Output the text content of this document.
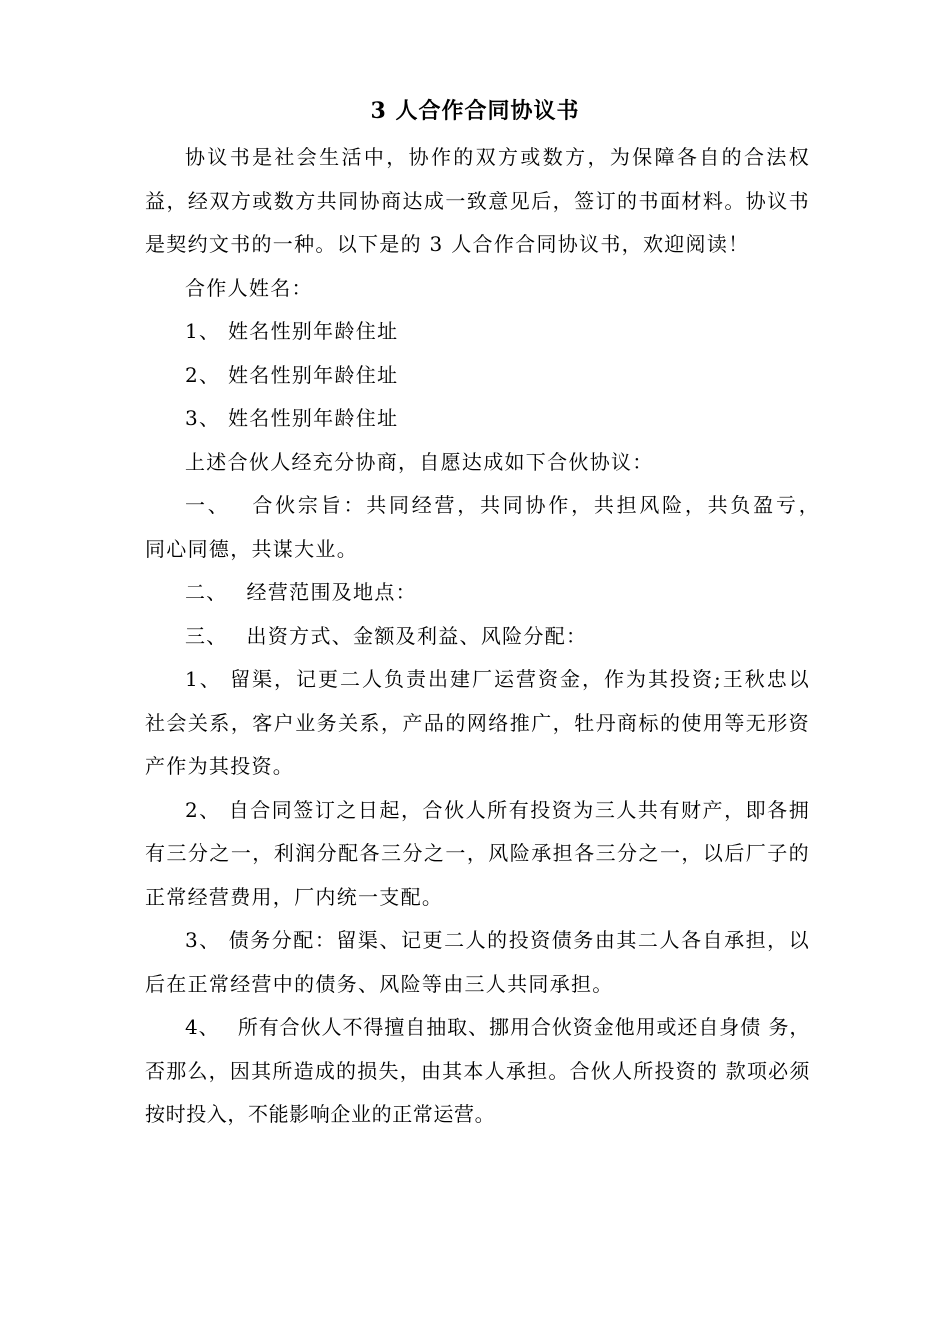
3 人合作合同协议书

协议书是社会生活中，协作的双方或数方，为保障各自的合法权益，经双方或数方共同协商达成一致意见后，签订的书面材料。协议书是契约文书的一种。以下是的 3 人合作合同协议书，欢迎阅读！

合作人姓名：

1、 姓名性别年龄住址

2、 姓名性别年龄住址

3、 姓名性别年龄住址

上述合伙人经充分协商，自愿达成如下合伙协议：

一、　 合伙宗旨：共同经营，共同协作，共担风险，共负盈亏，　同心同德，共谋大业。

二、　 经营范围及地点：

三、　 出资方式、金额及利益、风险分配：

1、 留渠，记更二人负责出建厂运营资金，作为其投资;王秋忠以社会关系，客户业务关系，产品的网络推广，牡丹商标的使用等无形资产作为其投资。

2、 自合同签订之日起，合伙人所有投资为三人共有财产，即各拥有三分之一，利润分配各三分之一，风险承担各三分之一，以后厂子的正常经营费用，厂内统一支配。

3、 债务分配：留渠、记更二人的投资债务由其二人各自承担，以后在正常经营中的债务、风险等由三人共同承担。

4、　 所有合伙人不得擅自抽取、挪用合伙资金他用或还自身债 务，否那么，因其所造成的损失，由其本人承担。合伙人所投资的 款项必须按时投入，不能影响企业的正常运营。
